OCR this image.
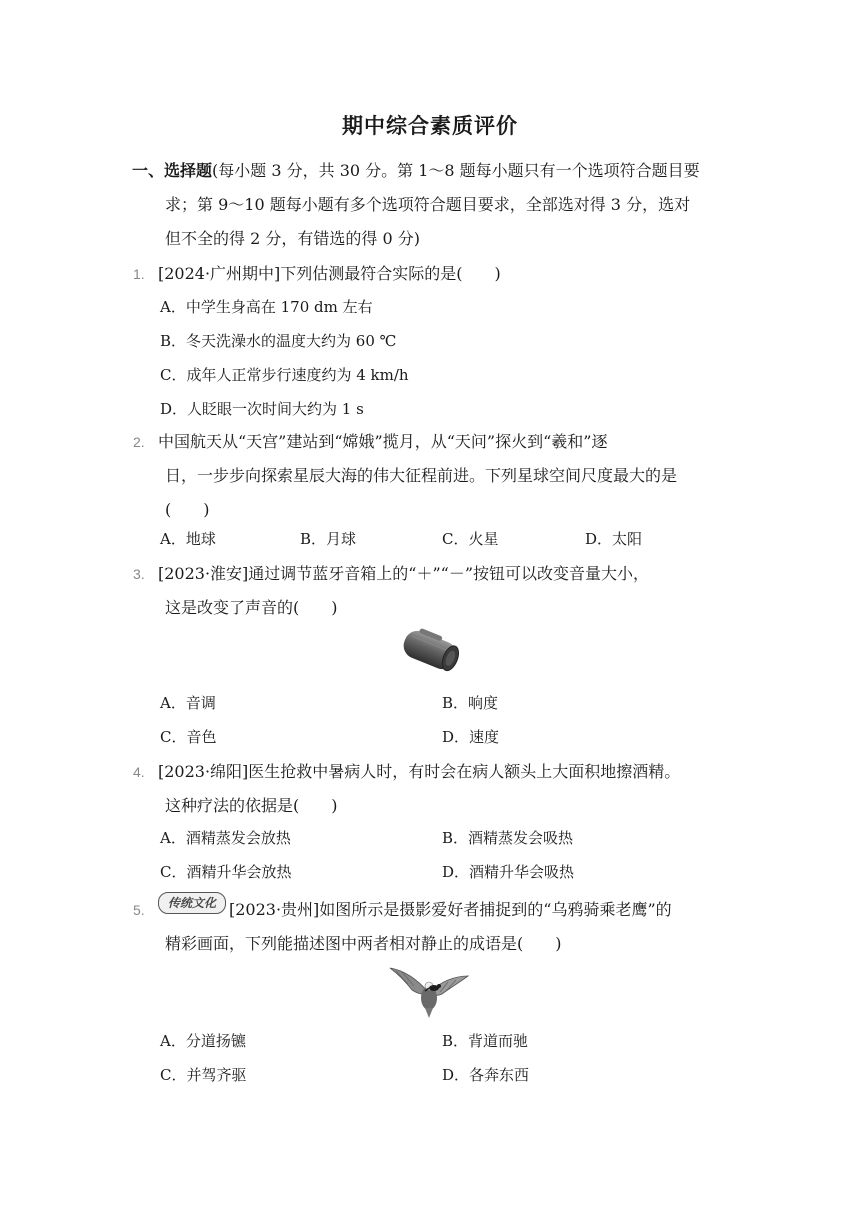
期中综合素质评价
一、选择题(每小题 3 分，共 30 分。第 1～8 题每小题只有一个选项符合题目要
求；第 9～10 题每小题有多个选项符合题目要求，全部选对得 3 分，选对
但不全的得 2 分，有错选的得 0 分)
1. [2024·广州期中]下列估测最符合实际的是(　　)
A．中学生身高在 170 dm 左右
B．冬天洗澡水的温度大约为 60 ℃
C．成年人正常步行速度约为 4 km/h
D．人眨眼一次时间大约为 1 s
2. 中国航天从“天宫”建站到“嫦娥”揽月，从“天问”探火到“羲和”逐
日，一步步向探索星辰大海的伟大征程前进。下列星球空间尺度最大的是
(　　)
A．地球	B．月球	C．火星	D．太阳
3. [2023·淮安]通过调节蓝牙音箱上的“＋”“－”按钮可以改变音量大小，
这是改变了声音的(　　)
A．音调	B．响度
C．音色	D．速度
4. [2023·绵阳]医生抢救中暑病人时，有时会在病人额头上大面积地擦酒精。
这种疗法的依据是(　　)
A．酒精蒸发会放热	B．酒精蒸发会吸热
C．酒精升华会放热	D．酒精升华会吸热
5.	传统文化 [2023·贵州]如图所示是摄影爱好者捕捉到的“乌鸦骑乘老鹰”的
精彩画面，下列能描述图中两者相对静止的成语是(　　)
A．分道扬镳	B．背道而驰
C．并驾齐驱	D．各奔东西
